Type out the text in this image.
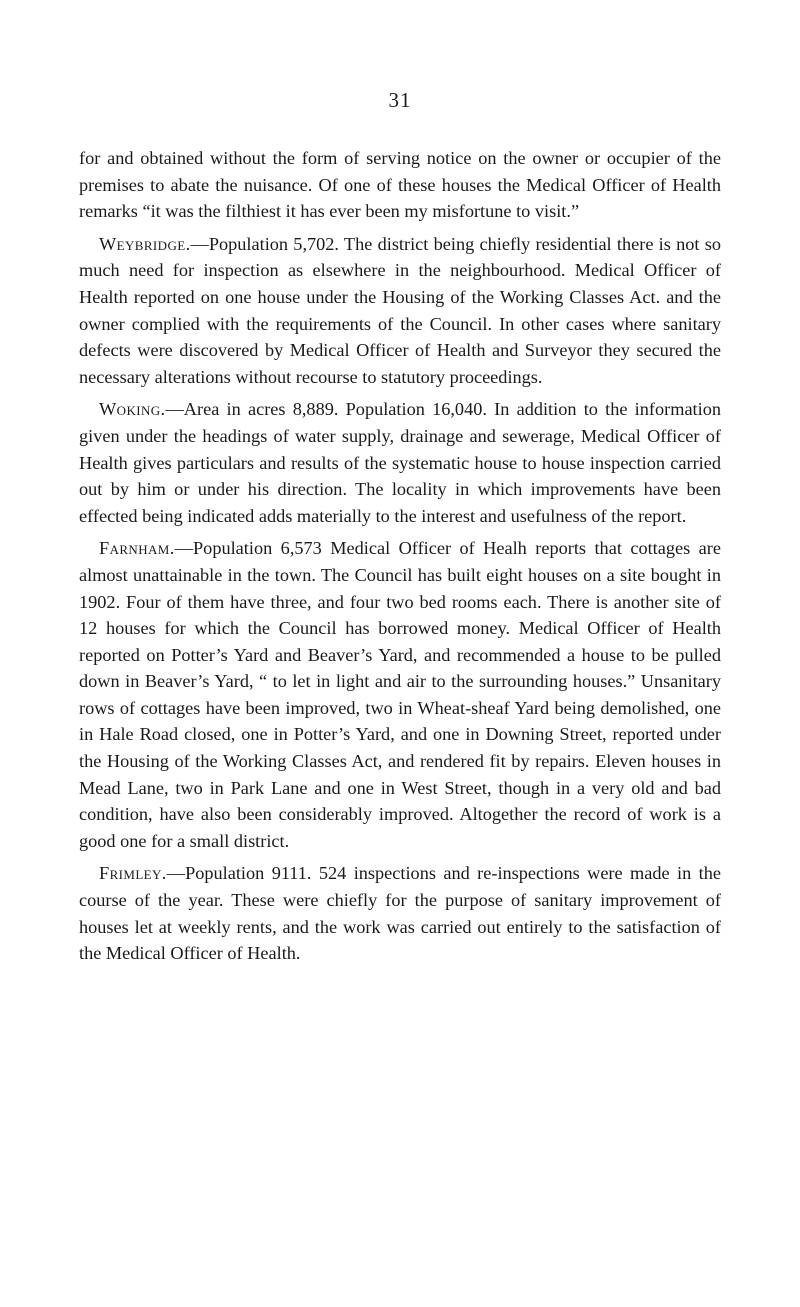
31

for and obtained without the form of serving notice on the owner or occupier of the premises to abate the nuisance. Of one of these houses the Medical Officer of Health remarks “it was the filthiest it has ever been my misfortune to visit.”

Weybridge.—Population 5,702. The district being chiefly residential there is not so much need for inspection as elsewhere in the neighbourhood. Medical Officer of Health reported on one house under the Housing of the Working Classes Act. and the owner complied with the requirements of the Council. In other cases where sanitary defects were discovered by Medical Officer of Health and Surveyor they secured the necessary alterations without recourse to statutory proceedings.

Woking.—Area in acres 8,889. Population 16,040. In addition to the information given under the headings of water supply, drainage and sewerage, Medical Officer of Health gives particulars and results of the systematic house to house inspection carried out by him or under his direction. The locality in which improvements have been effected being indicated adds materially to the interest and usefulness of the report.

Farnham.—Population 6,573 Medical Officer of Healh reports that cottages are almost unattainable in the town. The Council has built eight houses on a site bought in 1902. Four of them have three, and four two bed rooms each. There is another site of 12 houses for which the Council has borrowed money. Medical Officer of Health reported on Potter’s Yard and Beaver’s Yard, and recommended a house to be pulled down in Beaver’s Yard, “ to let in light and air to the surrounding houses.” Unsanitary rows of cottages have been improved, two in Wheat-sheaf Yard being demolished, one in Hale Road closed, one in Potter’s Yard, and one in Downing Street, reported under the Housing of the Working Classes Act, and rendered fit by repairs. Eleven houses in Mead Lane, two in Park Lane and one in West Street, though in a very old and bad condition, have also been considerably improved. Altogether the record of work is a good one for a small district.

Frimley.—Population 9111. 524 inspections and re-inspections were made in the course of the year. These were chiefly for the purpose of sanitary improvement of houses let at weekly rents, and the work was carried out entirely to the satisfaction of the Medical Officer of Health.
